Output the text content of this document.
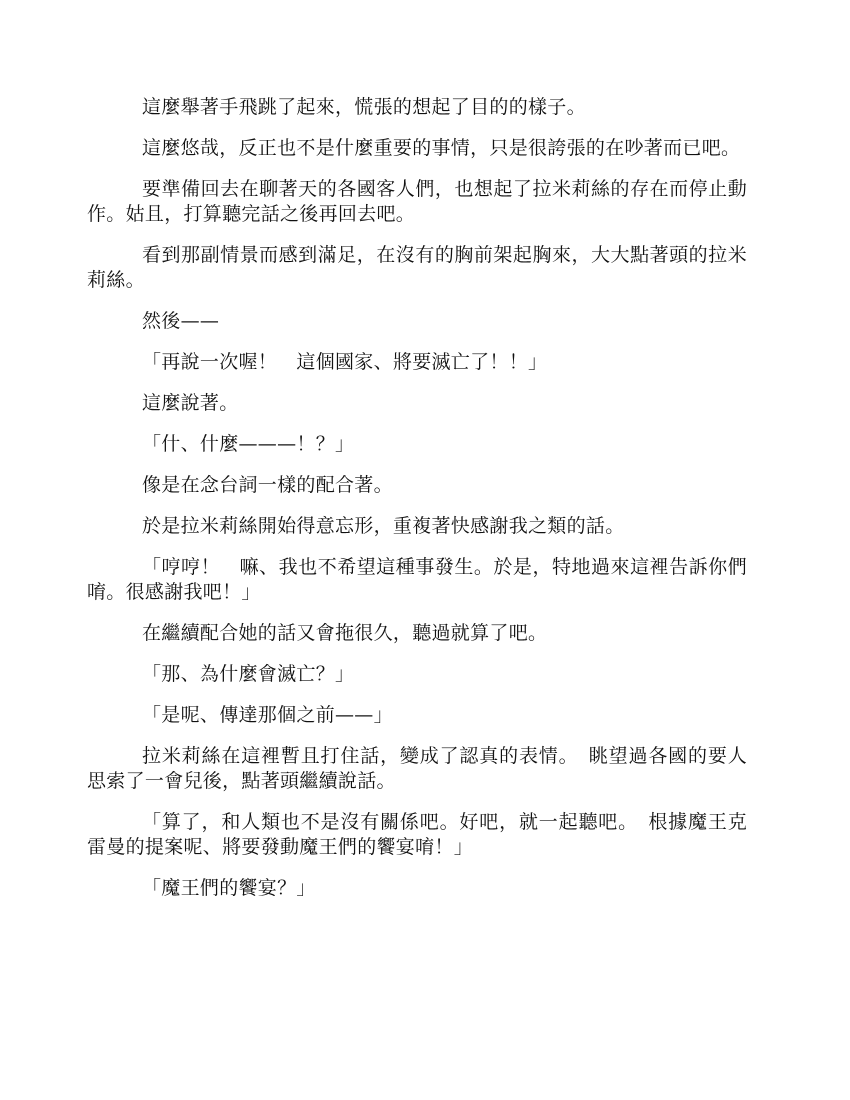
這麼舉著手飛跳了起來，慌張的想起了目的的樣子。

這麼悠哉，反正也不是什麼重要的事情，只是很誇張的在吵著而已吧。

要準備回去在聊著天的各國客人們，也想起了拉米莉絲的存在而停止動作。姑且，打算聽完話之後再回去吧。

看到那副情景而感到滿足，在沒有的胸前架起胸來，大大點著頭的拉米莉絲。

然後——

「再說一次喔！　這個國家、將要滅亡了！！」

這麼說著。

「什、什麼———！？」

像是在念台詞一樣的配合著。

於是拉米莉絲開始得意忘形，重複著快感謝我之類的話。

「哼哼！　嘛、我也不希望這種事發生。於是，特地過來這裡告訴你們唷。很感謝我吧！」

在繼續配合她的話又會拖很久，聽過就算了吧。

「那、為什麼會滅亡？」

「是呢、傳達那個之前——」

拉米莉絲在這裡暫且打住話，變成了認真的表情。　眺望過各國的要人思索了一會兒後，點著頭繼續說話。

「算了，和人類也不是沒有關係吧。好吧，就一起聽吧。　根據魔王克雷曼的提案呢、將要發動魔王們的饗宴唷！」

「魔王們的饗宴？」
